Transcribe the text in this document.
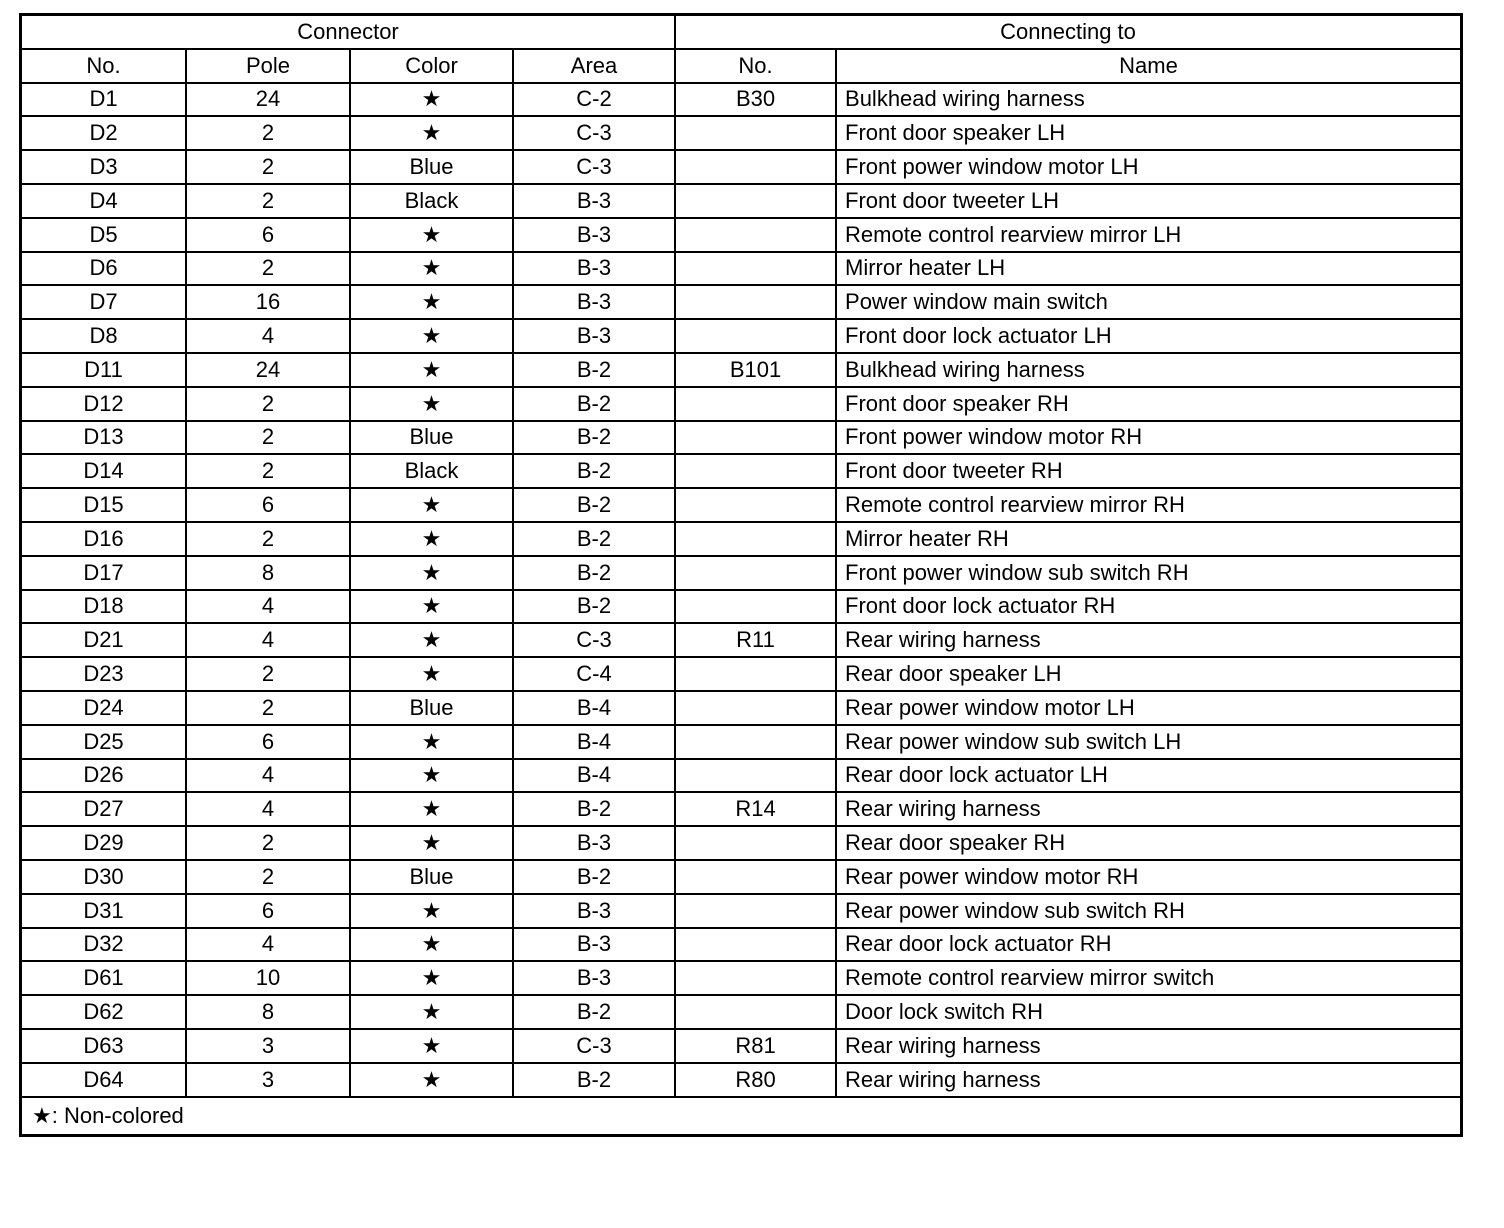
Connector				Connecting to	
No.	Pole	Color	Area	No.	Name
D1	24	★	C-2	B30	Bulkhead wiring harness
D2	2	★	C-3		Front door speaker LH
D3	2	Blue	C-3		Front power window motor LH
D4	2	Black	B-3		Front door tweeter LH
D5	6	★	B-3		Remote control rearview mirror LH
D6	2	★	B-3		Mirror heater LH
D7	16	★	B-3		Power window main switch
D8	4	★	B-3		Front door lock actuator LH
D11	24	★	B-2	B101	Bulkhead wiring harness
D12	2	★	B-2		Front door speaker RH
D13	2	Blue	B-2		Front power window motor RH
D14	2	Black	B-2		Front door tweeter RH
D15	6	★	B-2		Remote control rearview mirror RH
D16	2	★	B-2		Mirror heater RH
D17	8	★	B-2		Front power window sub switch RH
D18	4	★	B-2		Front door lock actuator RH
D21	4	★	C-3	R11	Rear wiring harness
D23	2	★	C-4		Rear door speaker LH
D24	2	Blue	B-4		Rear power window motor LH
D25	6	★	B-4		Rear power window sub switch LH
D26	4	★	B-4		Rear door lock actuator LH
D27	4	★	B-2	R14	Rear wiring harness
D29	2	★	B-3		Rear door speaker RH
D30	2	Blue	B-2		Rear power window motor RH
D31	6	★	B-3		Rear power window sub switch RH
D32	4	★	B-3		Rear door lock actuator RH
D61	10	★	B-3		Remote control rearview mirror switch
D62	8	★	B-2		Door lock switch RH
D63	3	★	C-3	R81	Rear wiring harness
D64	3	★	B-2	R80	Rear wiring harness
★: Non-colored					
